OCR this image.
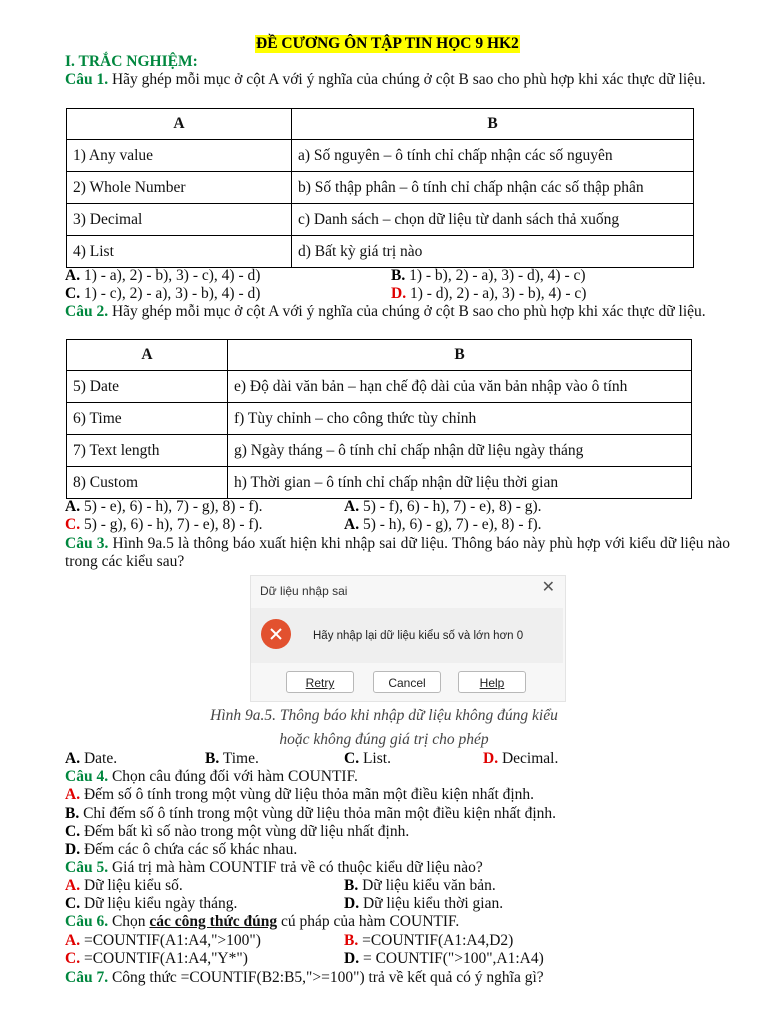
ĐỀ CƯƠNG ÔN TẬP TIN HỌC 9 HK2
I. TRẮC NGHIỆM:
Câu 1. Hãy ghép mỗi mục ở cột A với ý nghĩa của chúng ở cột B sao cho phù hợp khi xác thực dữ liệu.
A	B
1) Any value	a) Số nguyên – ô tính chỉ chấp nhận các số nguyên
2) Whole Number	b) Số thập phân – ô tính chỉ chấp nhận các số thập phân
3) Decimal	c) Danh sách – chọn dữ liệu từ danh sách thả xuống
4) List	d) Bất kỳ giá trị nào
A. 1) - a), 2) - b), 3) - c), 4) - d)	B. 1) - b), 2) - a), 3) - d), 4) - c)
C. 1) - c), 2) - a), 3) - b), 4) - d)	D. 1) - d), 2) - a), 3) - b), 4) - c)
Câu 2. Hãy ghép mỗi mục ở cột A với ý nghĩa của chúng ở cột B sao cho phù hợp khi xác thực dữ liệu.
A	B
5) Date	e) Độ dài văn bản – hạn chế độ dài của văn bản nhập vào ô tính
6) Time	f) Tùy chỉnh – cho công thức tùy chỉnh
7) Text length	g) Ngày tháng – ô tính chỉ chấp nhận dữ liệu ngày tháng
8) Custom	h) Thời gian – ô tính chỉ chấp nhận dữ liệu thời gian
A. 5) - e), 6) - h), 7) - g), 8) - f).	A. 5) - f), 6) - h), 7) - e), 8) - g).
C. 5) - g), 6) - h), 7) - e), 8) - f).	A. 5) - h), 6) - g), 7) - e), 8) - f).
Câu 3. Hình 9a.5 là thông báo xuất hiện khi nhập sai dữ liệu. Thông báo này phù hợp với kiểu dữ liệu nào trong các kiểu sau?
Dữ liệu nhập sai	✕
Hãy nhập lại dữ liệu kiểu số và lớn hơn 0
Retry	Cancel	Help
Hình 9a.5. Thông báo khi nhập dữ liệu không đúng kiểu
hoặc không đúng giá trị cho phép
A. Date.	B. Time.	C. List.	D. Decimal.
Câu 4. Chọn câu đúng đối với hàm COUNTIF.
A. Đếm số ô tính trong một vùng dữ liệu thỏa mãn một điều kiện nhất định.
B. Chỉ đếm số ô tính trong một vùng dữ liệu thỏa mãn một điều kiện nhất định.
C. Đếm bất kì số nào trong một vùng dữ liệu nhất định.
D. Đếm các ô chứa các số khác nhau.
Câu 5. Giá trị mà hàm COUNTIF trả về có thuộc kiểu dữ liệu nào?
A. Dữ liệu kiểu số.	B. Dữ liệu kiểu văn bản.
C. Dữ liệu kiểu ngày tháng.	D. Dữ liệu kiểu thời gian.
Câu 6. Chọn các công thức đúng cú pháp của hàm COUNTIF.
A. =COUNTIF(A1:A4,">100")	B. =COUNTIF(A1:A4,D2)
C. =COUNTIF(A1:A4,"Y*")	D. = COUNTIF(">100",A1:A4)
Câu 7. Công thức =COUNTIF(B2:B5,">=100") trả về kết quả có ý nghĩa gì?
